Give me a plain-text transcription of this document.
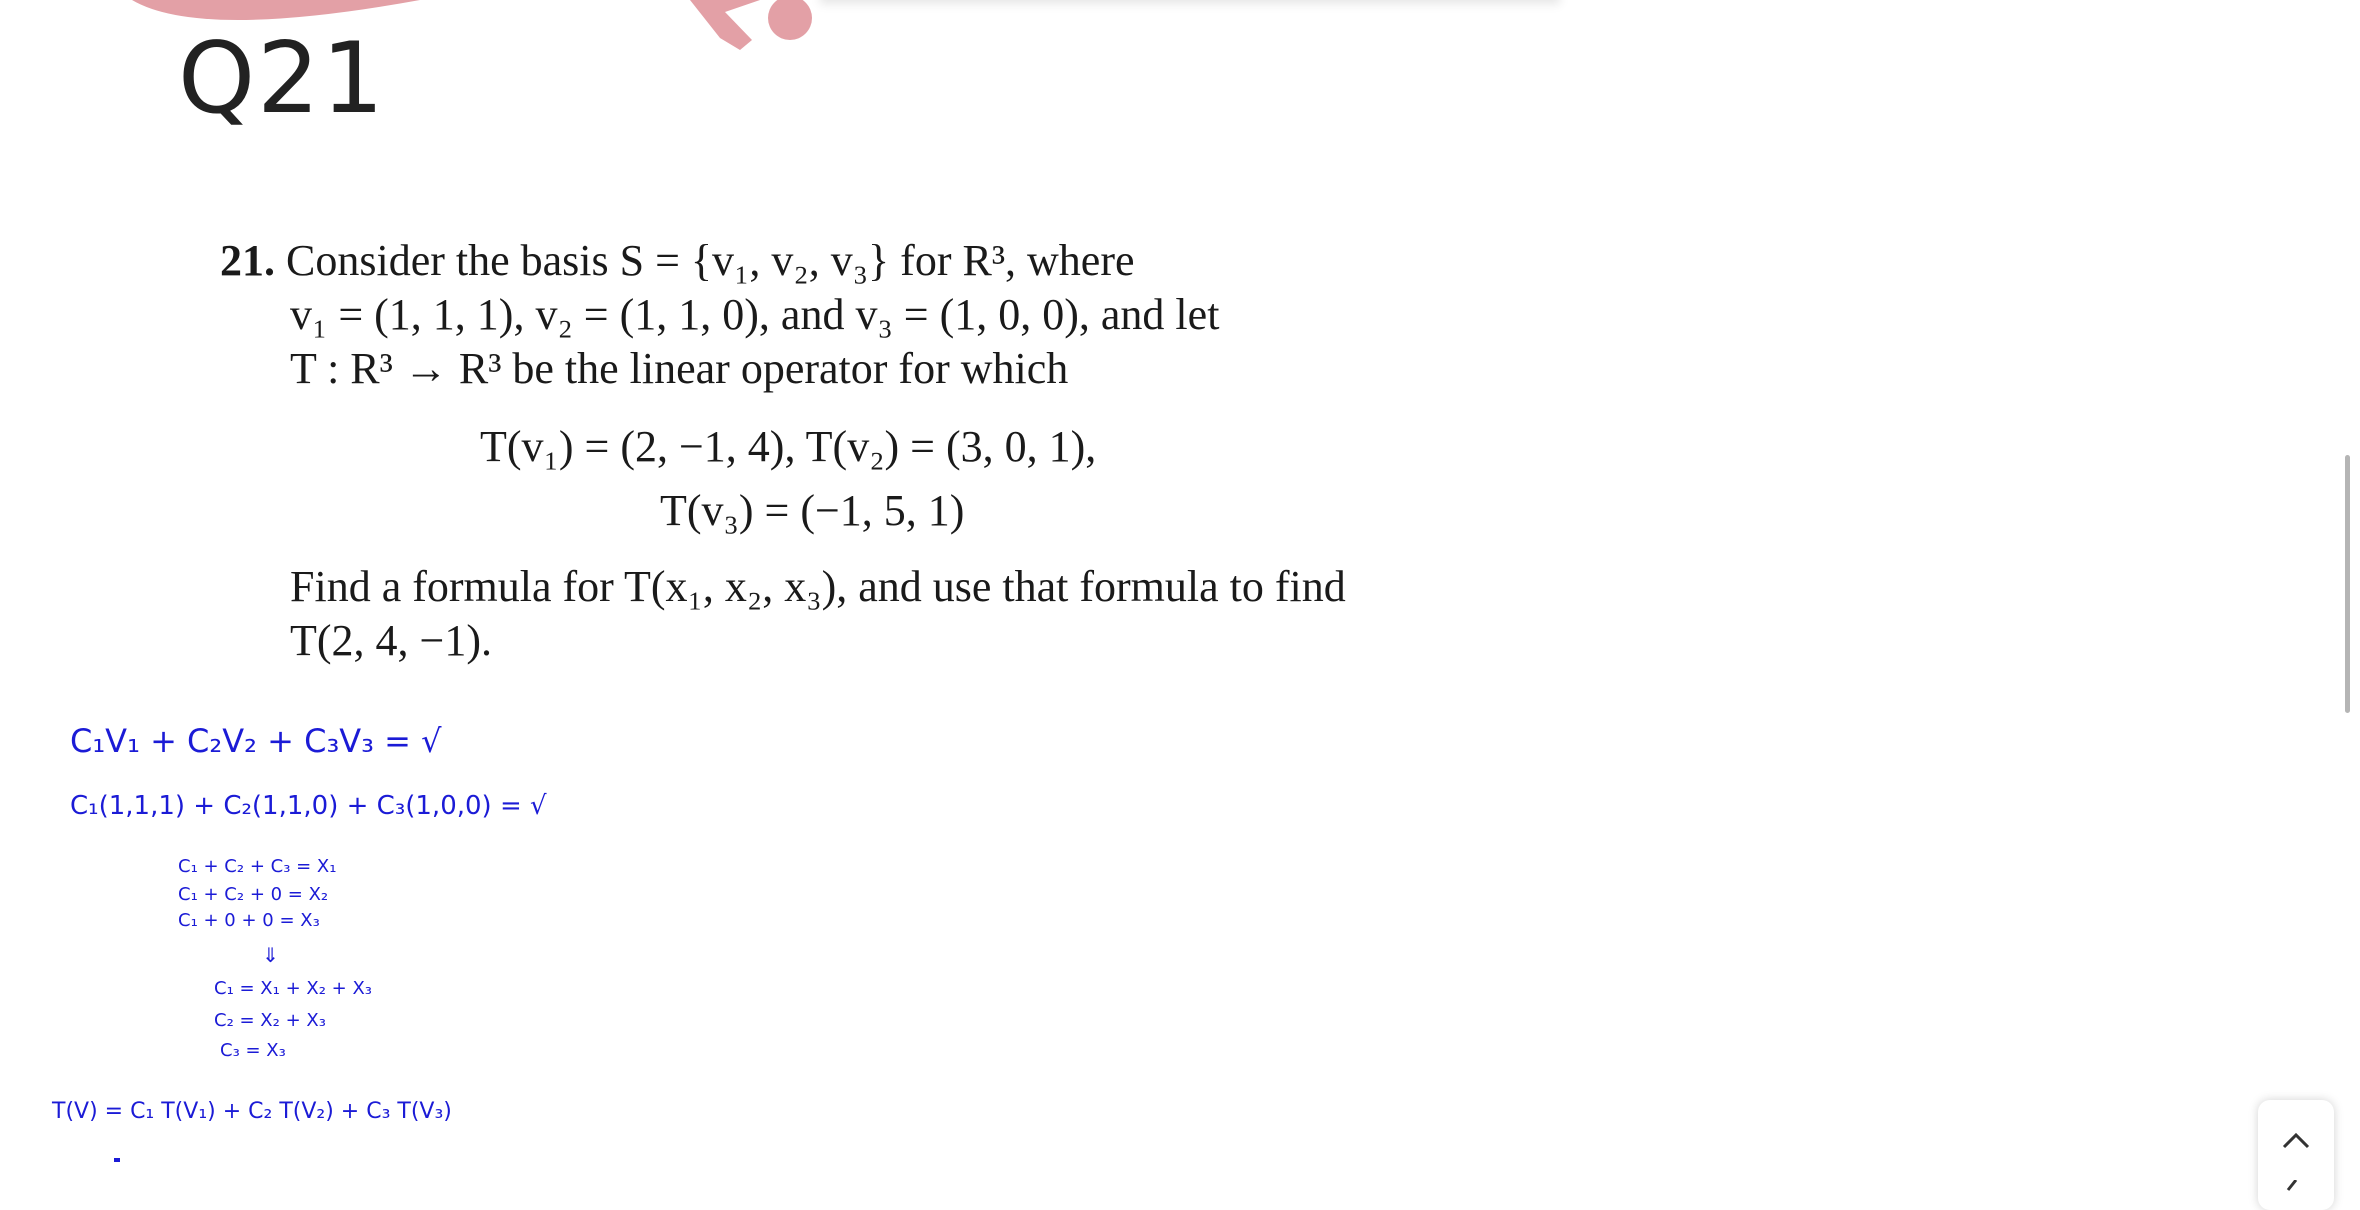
Q21
21. Consider the basis S = {v₁, v₂, v₃} for R³, where
v₁ = (1, 1, 1), v₂ = (1, 1, 0), and v₃ = (1, 0, 0), and let
T : R³ → R³ be the linear operator for which
T(v₁) = (2, −1, 4), T(v₂) = (3, 0, 1),
T(v₃) = (−1, 5, 1)
Find a formula for T(x₁, x₂, x₃), and use that formula to find
T(2, 4, −1).
C₁V₁ + C₂V₂ + C₃V₃ = √
C₁(1,1,1) + C₂(1,1,0) + C₃(1,0,0) = √
C₁ + C₂ + C₃ = X₁
C₁ + C₂ + 0 = X₂
C₁ + 0 + 0 = X₃
⇓
C₁ = X₁ + X₂ + X₃
C₂ = X₂ + X₃
C₃ = X₃
T(V) = C₁ T(V₁) + C₂ T(V₂) + C₃ T(V₃)
